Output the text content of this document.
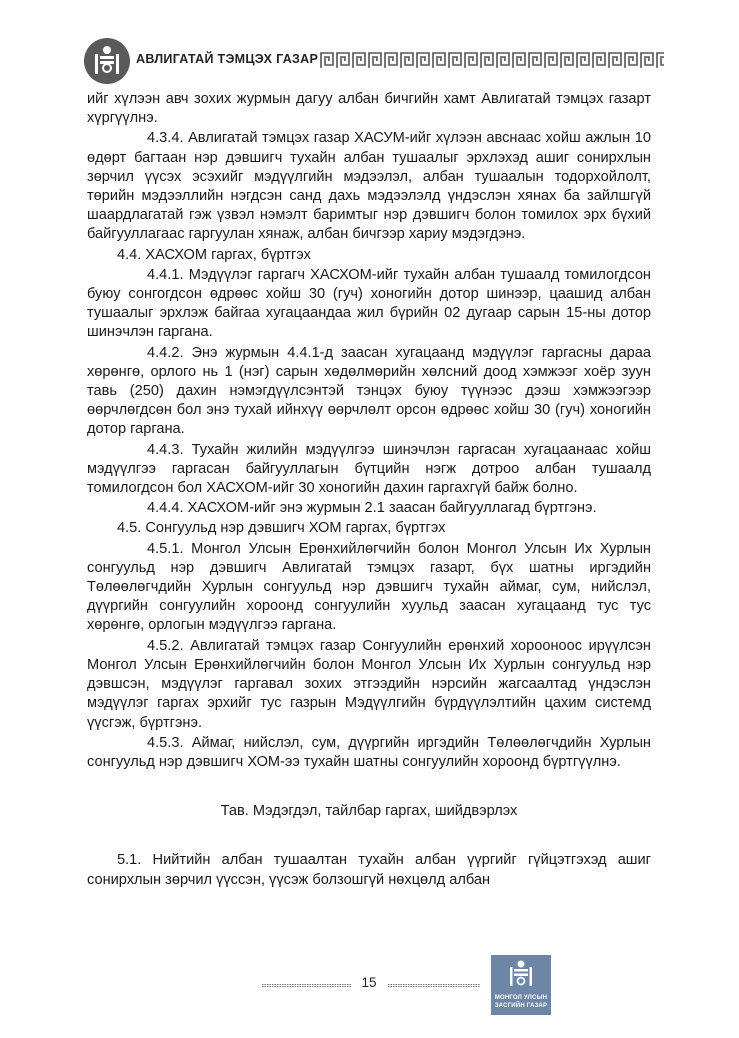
АВЛИГАТАЙ ТЭМЦЭХ ГАЗАР

ийг хүлээн авч зохих журмын дагуу албан бичгийн хамт Авлигатай тэмцэх газарт хүргүүлнэ.

4.3.4. Авлигатай тэмцэх газар ХАСУМ-ийг хүлээн авснаас хойш ажлын 10 өдөрт багтаан нэр дэвшигч тухайн албан тушаалыг эрхлэхэд ашиг сонирхлын зөрчил үүсэх эсэхийг мэдүүлгийн мэдээлэл, албан тушаалын тодорхойлолт, төрийн мэдээллийн нэгдсэн санд дахь мэдээлэлд үндэслэн хянах ба зайлшгүй шаардлагатай гэж үзвэл нэмэлт баримтыг нэр дэвшигч болон томилох эрх бүхий байгууллагаас гаргуулан хянаж, албан бичгээр хариу мэдэгдэнэ.

4.4. ХАСХОМ гаргах, бүртгэх

4.4.1. Мэдүүлэг гаргагч ХАСХОМ-ийг тухайн албан тушаалд томилогдсон буюу сонгогдсон өдрөөс хойш 30 (гуч) хоногийн дотор шинээр, цаашид албан тушаалыг эрхлэж байгаа хугацаандаа жил бүрийн 02 дугаар сарын 15-ны дотор шинэчлэн гаргана.

4.4.2. Энэ журмын 4.4.1-д заасан хугацаанд мэдүүлэг гаргасны дараа хөрөнгө, орлого нь 1 (нэг) сарын хөдөлмөрийн хөлсний доод хэмжээг хоёр зуун тавь (250) дахин нэмэгдүүлсэнтэй тэнцэх буюу түүнээс дээш хэмжээгээр өөрчлөгдсөн бол энэ тухай ийнхүү өөрчлөлт орсон өдрөөс хойш 30 (гуч) хоногийн дотор гаргана.

4.4.3. Тухайн жилийн мэдүүлгээ шинэчлэн гаргасан хугацаанаас хойш мэдүүлгээ гаргасан байгууллагын бүтцийн нэгж дотроо албан тушаалд томилогдсон бол ХАСХОМ-ийг 30 хоногийн дахин гаргахгүй байж болно.

4.4.4. ХАСХОМ-ийг энэ журмын 2.1 заасан байгууллагад бүртгэнэ.

4.5. Сонгуульд нэр дэвшигч ХОМ гаргах, бүртгэх

4.5.1. Монгол Улсын Ерөнхийлөгчийн болон Монгол Улсын Их Хурлын сонгуульд нэр дэвшигч Авлигатай тэмцэх газарт, бүх шатны иргэдийн Төлөөлөгчдийн Хурлын сонгуульд нэр дэвшигч тухайн аймаг, сум, нийслэл, дүүргийн сонгуулийн хороонд сонгуулийн хуульд заасан хугацаанд тус тус хөрөнгө, орлогын мэдүүлгээ гаргана.

4.5.2. Авлигатай тэмцэх газар Сонгуулийн ерөнхий хорооноос ирүүлсэн Монгол Улсын Ерөнхийлөгчийн болон Монгол Улсын Их Хурлын сонгуульд нэр дэвшсэн, мэдүүлэг гаргавал зохих этгээдийн нэрсийн жагсаалтад үндэслэн мэдүүлэг гаргах эрхийг тус газрын Мэдүүлгийн бүрдүүлэлтийн цахим системд үүсгэж, бүртгэнэ.

4.5.3. Аймаг, нийслэл, сум, дүүргийн иргэдийн Төлөөлөгчдийн Хурлын сонгуульд нэр дэвшигч ХОМ-ээ тухайн шатны сонгуулийн хороонд бүртгүүлнэ.

Тав. Мэдэгдэл, тайлбар гаргах, шийдвэрлэх

5.1. Нийтийн албан тушаалтан тухайн албан үүргийг гүйцэтгэхэд ашиг сонирхлын зөрчил үүссэн, үүсэж болзошгүй нөхцөлд албан

15
МОНГОЛ УЛСЫН
ЗАСГИЙН ГАЗАР
